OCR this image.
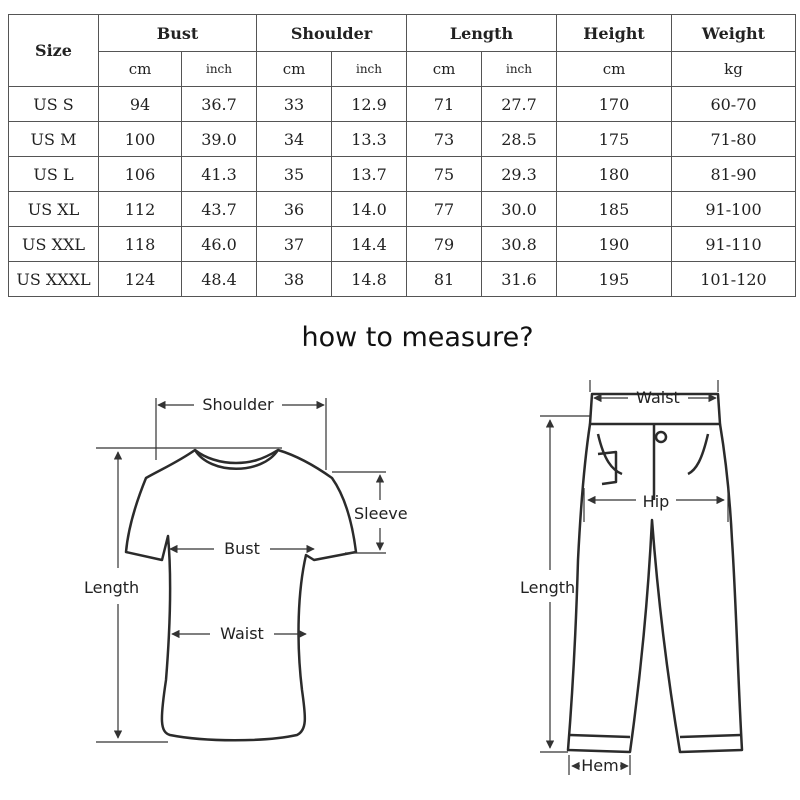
Size	Bust		Shoulder		Length		Height	Weight
	cm	inch	cm	inch	cm	inch	cm	kg
US S	94	36.7	33	12.9	71	27.7	170	60-70
US M	100	39.0	34	13.3	73	28.5	175	71-80
US L	106	41.3	35	13.7	75	29.3	180	81-90
US XL	112	43.7	36	14.0	77	30.0	185	91-100
US XXL	118	46.0	37	14.4	79	30.8	190	91-110
US XXXL	124	48.4	38	14.8	81	31.6	195	101-120
how to measure?
Shoulder
Sleeve
Bust
Length
Waist
Waist
Hip
Length
Hem
